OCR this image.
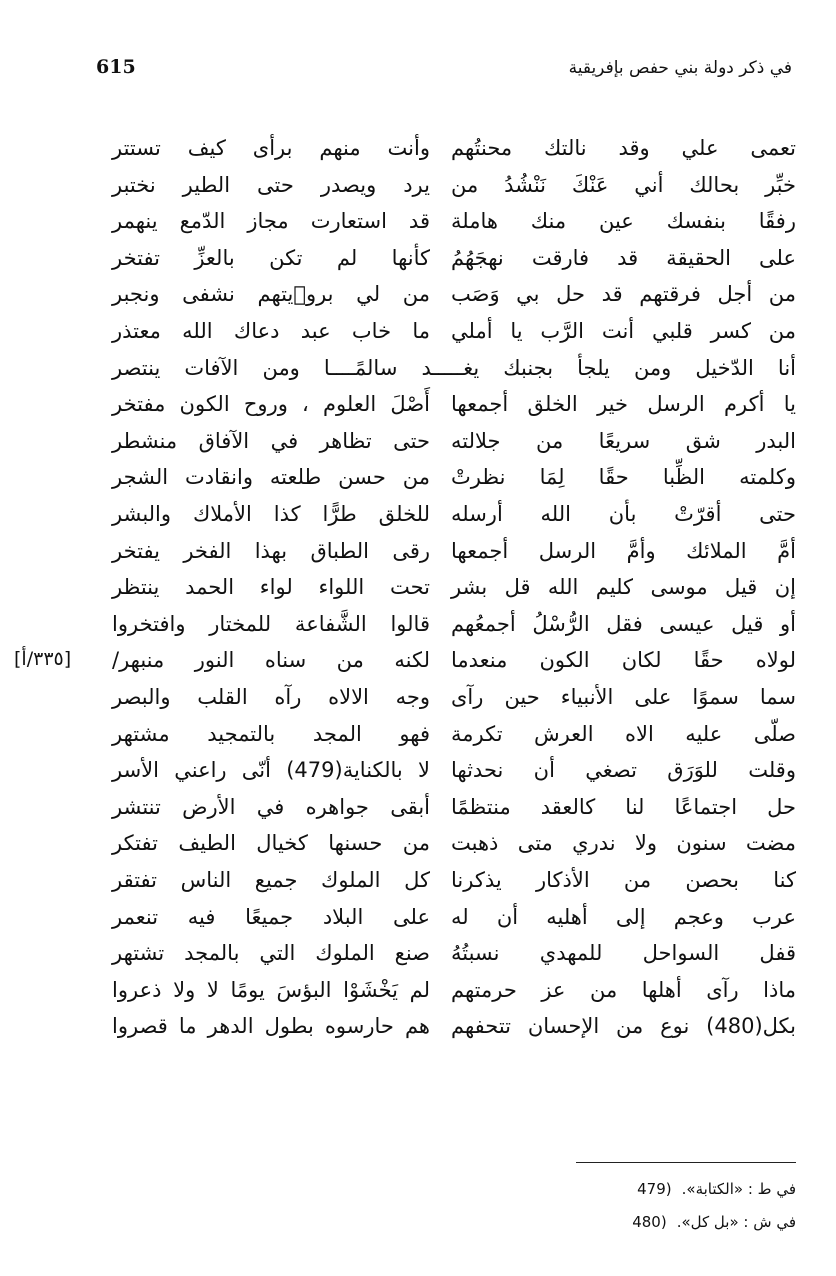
615	في ذكر دولة بني حفص بإفريقية
تعمى علي وقد نالتك محنتُهم
وأنت منهم برأى كيف تستتر
خبِّر بحالك أني عَنْكَ نَنْشُدُ من
يرد ويصدر حتى الطير نختبر
رفقًا بنفسك عين منك هاملة
قد استعارت مجاز الدّمع ينهمر
على الحقيقة قد فارقت نهجَهُمُ
كأنها لم تكن بالعزِّ تفتخر
من أجل فرقتهم قد حل بي وَصَب
من لي بروٖيتهم نشفى ونجبر
من كسر قلبي أنت الرَّب يا أملي
ما خاب عبد دعاك الله معتذر
أنا الدّخيل ومن يلجأ بجنبك يغـــــد سالمًــــا ومن الآفات ينتصر
يا أكرم الرسل خير الخلق أجمعها
أَصْلَ العلوم ، وروح الكون مفتخر
البدر شق سريعًا من جلالته
حتى تظاهر في الآفاق منشطر
وكلمته الظِّبا حقًا لِمَا نظرتْ
من حسن طلعته وانقادت الشجر
حتى أقرّتْ بأن الله أرسله
للخلق طرًّا كذا الأملاك والبشر
أمَّ الملائك وأمَّ الرسل أجمعها
رقى الطباق بهذا الفخر يفتخر
إن قيل موسى كليم الله قل بشر
تحت اللواء لواء الحمد ينتظر
أو قيل عيسى فقل الرُّسْلُ أجمعُهم
قالوا الشَّفاعة للمختار وافتخروا
لولاه حقًا لكان الكون منعدما
لكنه من سناه النور منبهر/
[٣٣٥/أ]
سما سموًا على الأنبياء حين رآى
وجه الالاه رآه القلب والبصر
صلّى عليه الاه العرش تكرمة
فهو المجد بالتمجيد مشتهر
وقلت للوَرَق تصغي أن نحدثها
لا بالكناية(479) أنّى راعني الأسر
حل اجتماعًا لنا كالعقد منتظمًا
أبقى جواهره في الأرض تنتشر
مضت سنون ولا ندري متى ذهبت
من حسنها كخيال الطيف تفتكر
كنا بحصن من الأذكار يذكرنا
كل الملوك جميع الناس تفتقر
عرب وعجم إلى أهليه أن له
على البلاد جميعًا فيه تنعمر
قفل السواحل للمهدي نسبتُهُ
صنع الملوك التي بالمجد تشتهر
ماذا رآى أهلها من عز حرمتهم
لم يَخْشَوْا البؤسَ يومًا لا ولا ذعروا
بكل(480) نوع من الإحسان تتحفهم
هم حارسوه بطول الدهر ما قصروا
في ط : «الكتابة».(479
في ش : «بل كل».(480
